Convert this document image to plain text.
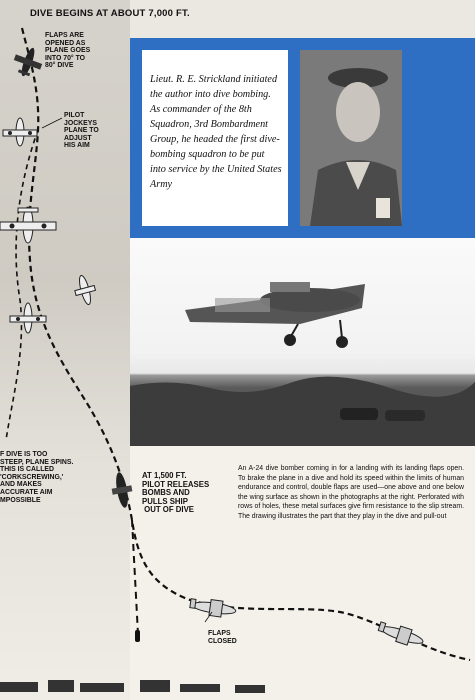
DIVE BEGINS AT ABOUT 7,000 FT.
FLAPS ARE
OPENED AS
PLANE GOES
INTO 70° TO
80° DIVE
PILOT
JOCKEYS
PLANE TO
ADJUST
HIS AIM
F DIVE IS TOO
STEEP, PLANE SPINS.
THIS IS CALLED
'CORKSCREWING,'
AND MAKES
ACCURATE AIM
MPOSSIBLE
AT 1,500 FT.
PILOT RELEASES
BOMBS AND
PULLS SHIP
OUT OF DIVE
FLAPS
CLOSED
Lieut. R. E. Strickland initiated the author into dive bombing. As commander of the 8th Squadron, 3rd Bombardment Group, he headed the first dive-bombing squadron to be put into service by the United States Army
An A-24 dive bomber coming in for a landing with its landing flaps open. To brake the plane in a dive and hold its speed within the limits of human endurance and control, double flaps are used—one above and one below the wing surface as shown in the photographs at the right. Perforated with rows of holes, these metal surfaces give firm resistance to the slip stream. The drawing illustrates the part that they play in the dive and pull-out
